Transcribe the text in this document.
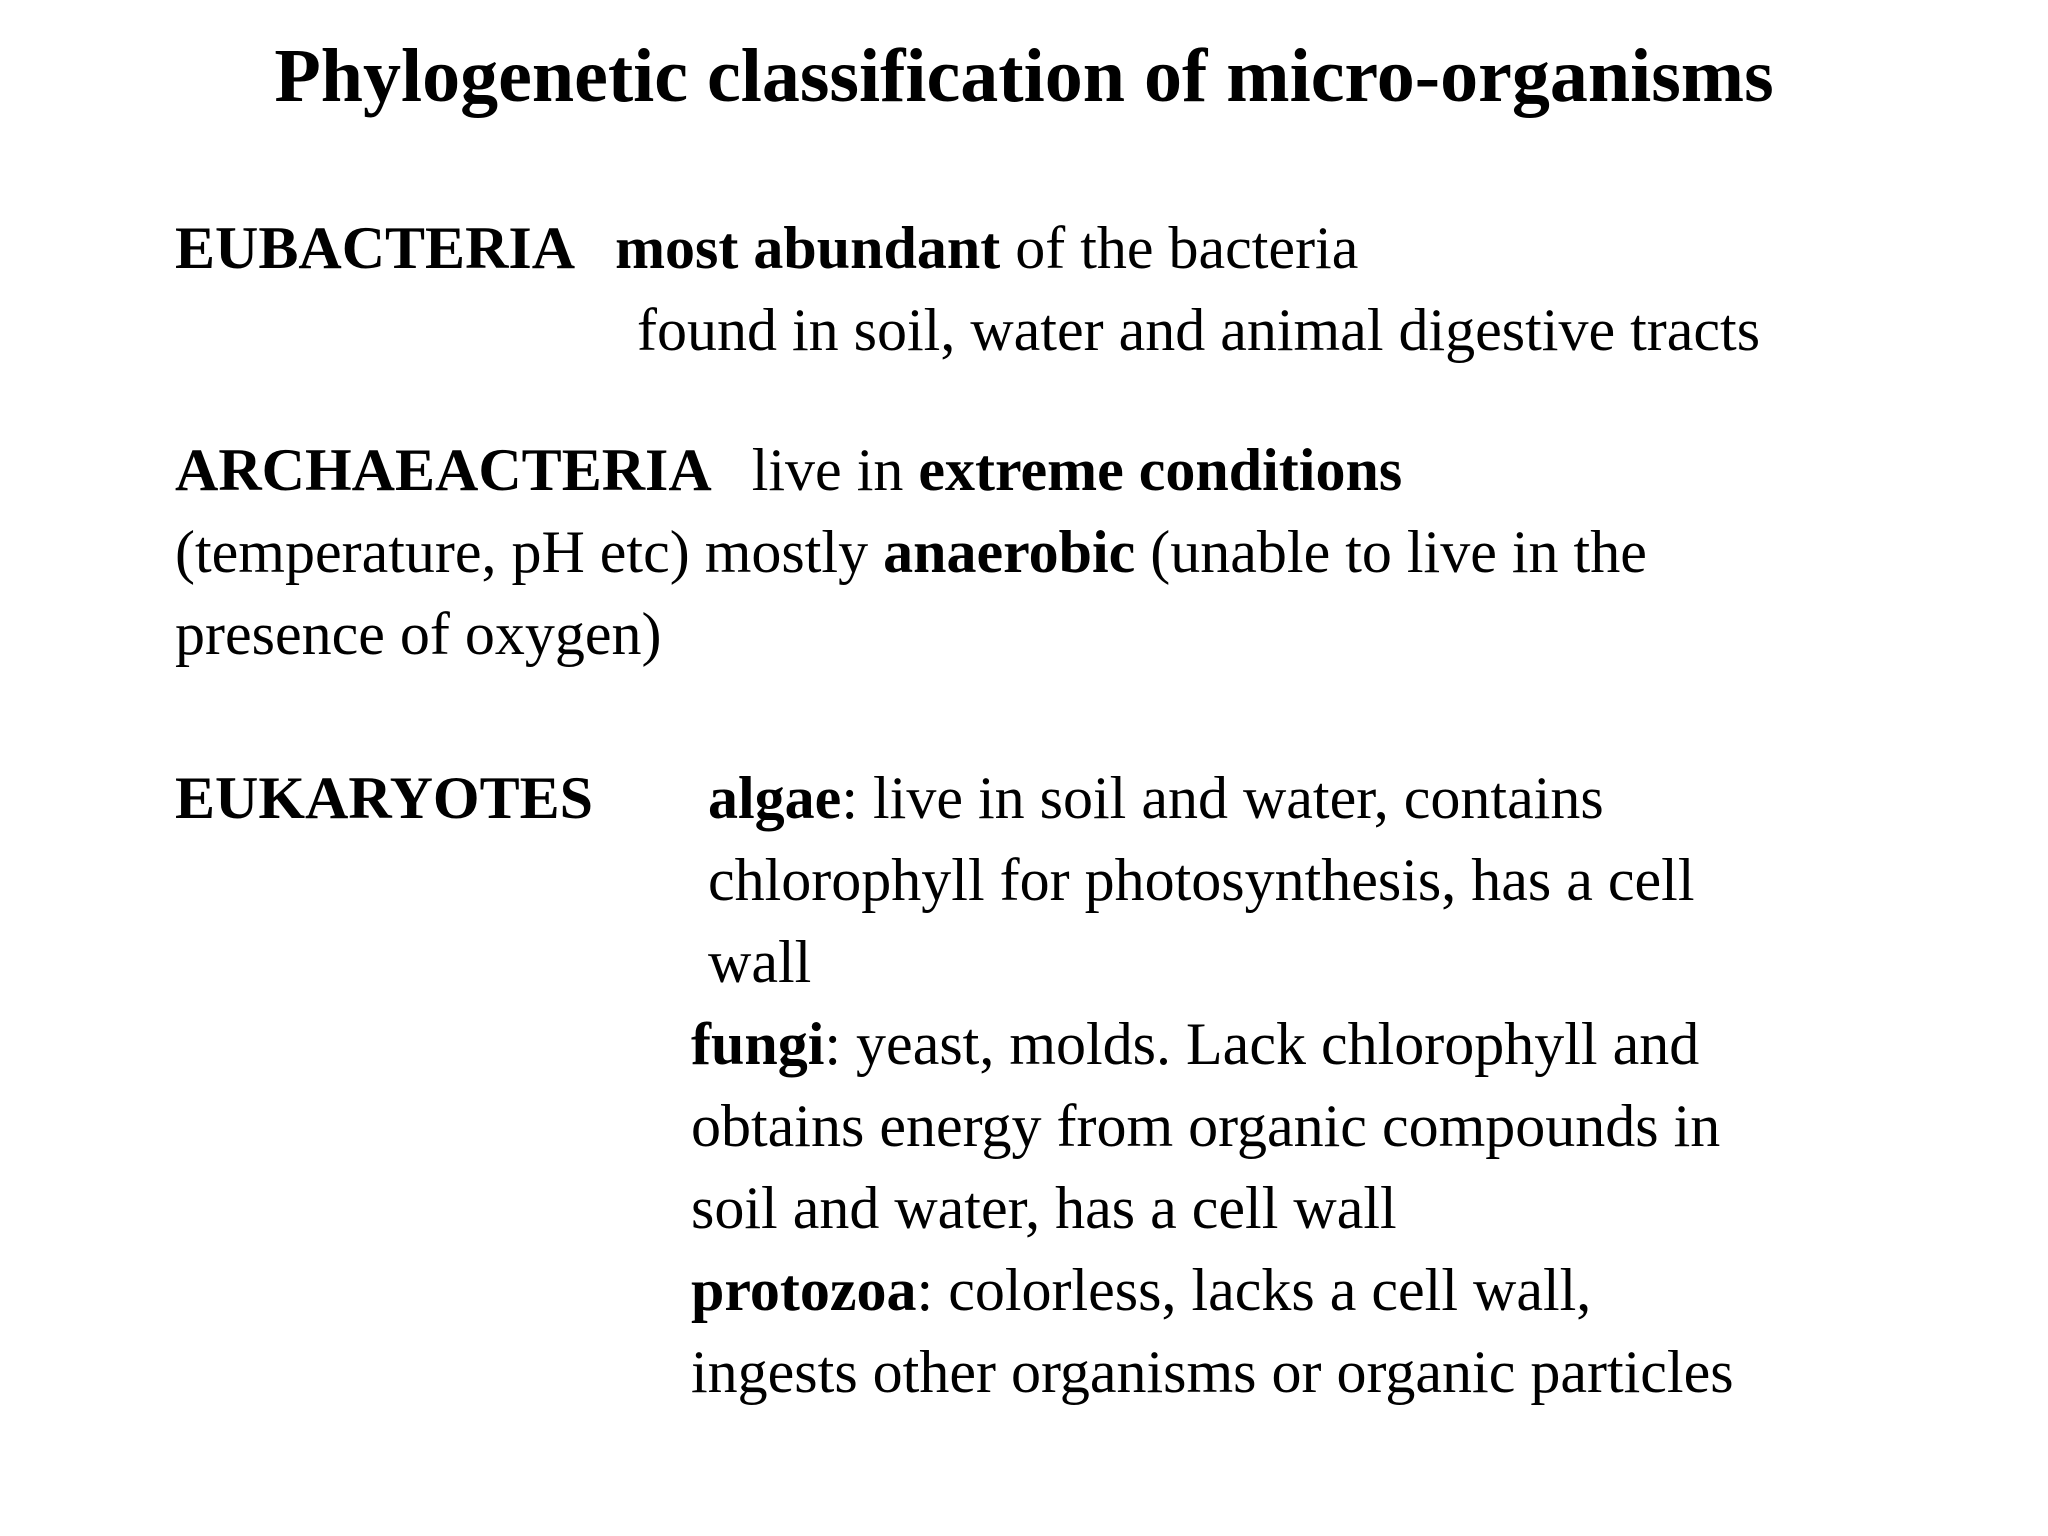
Phylogenetic classification of micro-organisms
EUBACTERIA most abundant of the bacteria
found in soil, water and animal digestive tracts
ARCHAEACTERIA live in extreme conditions
(temperature, pH etc) mostly anaerobic (unable to live in the
presence of oxygen)
EUKARYOTES algae: live in soil and water, contains
chlorophyll for photosynthesis, has a cell
wall
fungi: yeast, molds. Lack chlorophyll and
obtains energy from organic compounds in
soil and water, has a cell wall
protozoa: colorless, lacks a cell wall,
ingests other organisms or organic particles
